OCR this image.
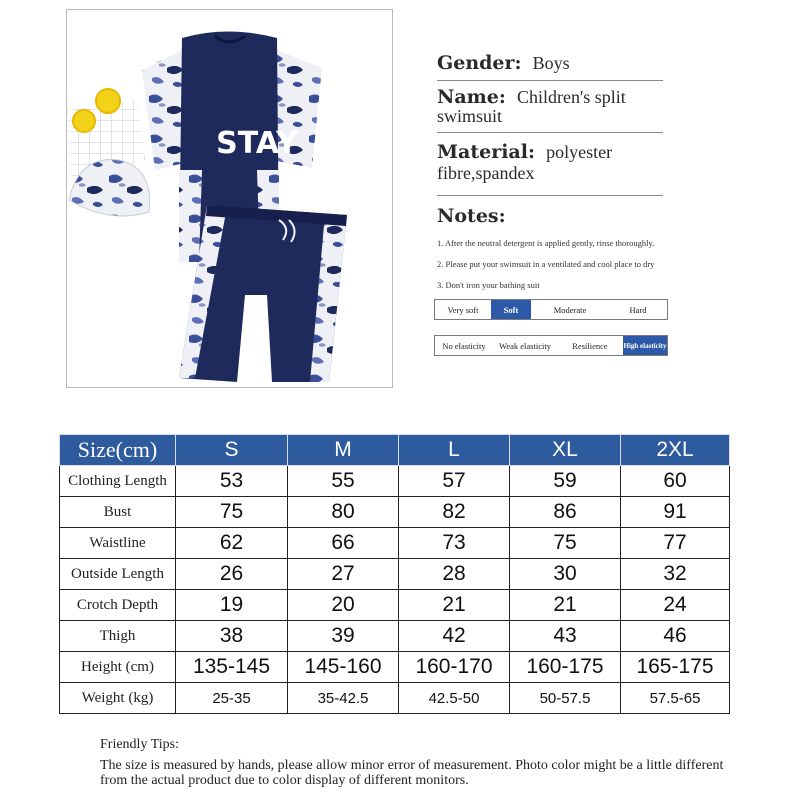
STAY
Gender: Boys
Name: Children's split
swimsuit
Material: polyester
fibre,spandex
Notes:
1. After the neutral detergent is applied gently, rinse thoroughly.
2. Please put your swimsuit in a ventilated and cool place to dry
3. Don't iron your bathing suit
Very soft	Soft	Moderate	Hard
No elasticity	Weak elasticity	Resilience	High elasticity
Size(cm)	S	M	L	XL	2XL
Clothing Length	53	55	57	59	60
Bust	75	80	82	86	91
Waistline	62	66	73	75	77
Outside Length	26	27	28	30	32
Crotch Depth	19	20	21	21	24
Thigh	38	39	42	43	46
Height (cm)	135-145	145-160	160-170	160-175	165-175
Weight (kg)	25-35	35-42.5	42.5-50	50-57.5	57.5-65
Friendly Tips:
The size is measured by hands, please allow minor error of measurement. Photo color might be a little different from the actual product due to color display of different monitors.
